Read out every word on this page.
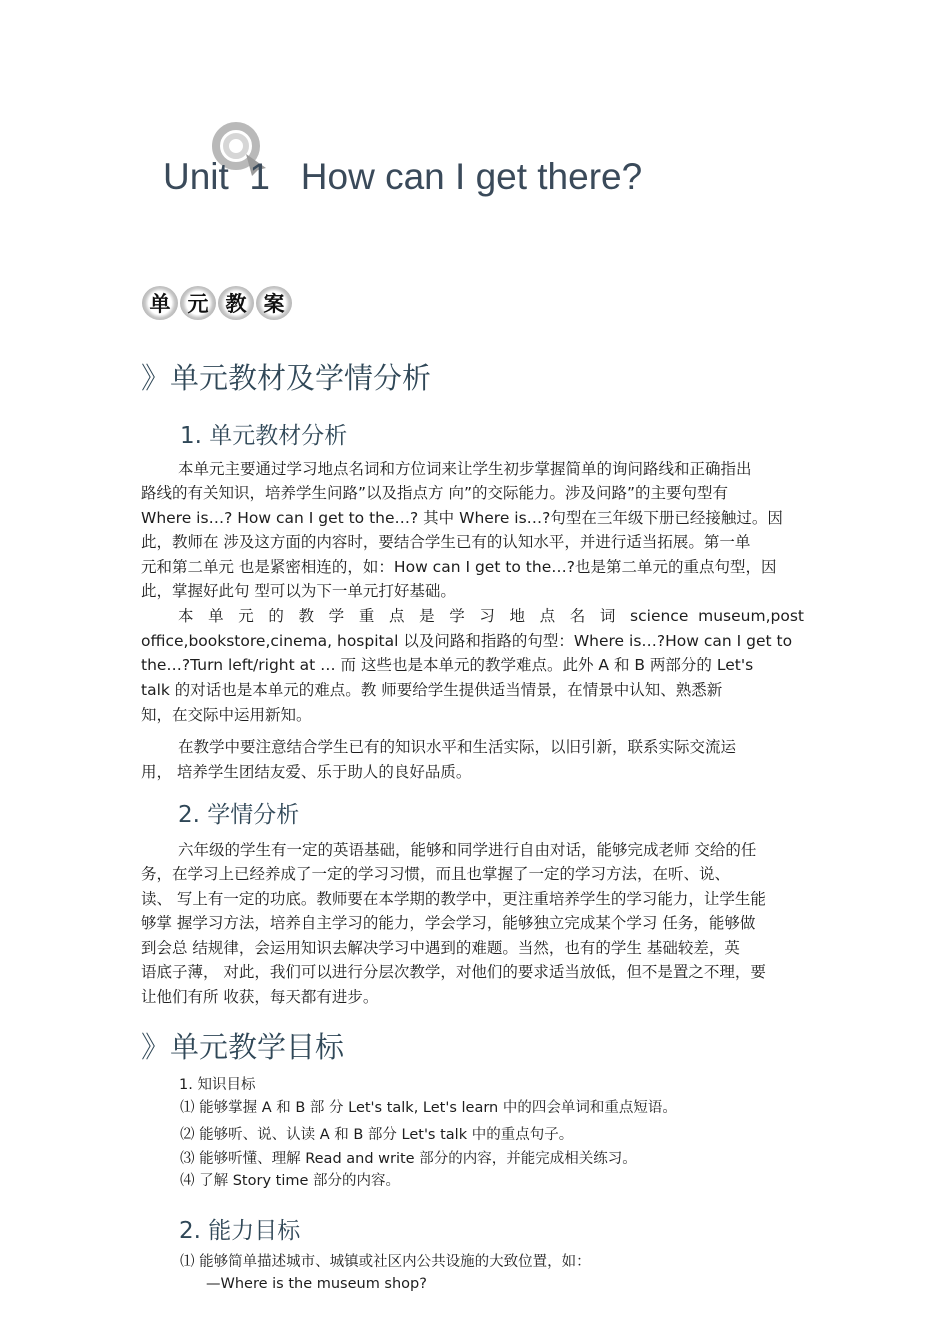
Unit  1   How can I get there?
单 元 教 案
》单元教材及学情分析
1. 单元教材分析
本单元主要通过学习地点名词和方位词来让学生初步掌握简单的询问路线和正确指出
路线的有关知识，培养学生问路”以及指点方 向”的交际能力。涉及问路”的主要句型有
Where is…? How can I get to the…? 其中 Where is…?句型在三年级下册已经接触过。因
此，教师在 涉及这方面的内容时，要结合学生已有的认知水平，并进行适当拓展。第一单
元和第二单元 也是紧密相连的，如：How can I get to the…?也是第二单元的重点句型，因
此，掌握好此句 型可以为下一单元打好基础。
本 单 元 的 教 学 重 点 是 学 习 地 点 名 词 science museum,post
office,bookstore,cinema, hospital 以及问路和指路的句型：Where is…?How can I get to
the…?Turn left/right at … 而 这些也是本单元的教学难点。此外 A 和 B 两部分的 Let's
talk 的对话也是本单元的难点。教 师要给学生提供适当情景，在情景中认知、熟悉新
知，在交际中运用新知。
在教学中要注意结合学生已有的知识水平和生活实际，以旧引新，联系实际交流运
用， 培养学生团结友爱、乐于助人的良好品质。
2. 学情分析
六年级的学生有一定的英语基础，能够和同学进行自由对话，能够完成老师 交给的任
务，在学习上已经养成了一定的学习习惯，而且也掌握了一定的学习方法，在听、说、
读、 写上有一定的功底。教师要在本学期的教学中，更注重培养学生的学习能力，让学生能
够掌 握学习方法，培养自主学习的能力，学会学习，能够独立完成某个学习 任务，能够做
到会总 结规律，会运用知识去解决学习中遇到的难题。当然，也有的学生 基础较差，英
语底子薄， 对此，我们可以进行分层次教学，对他们的要求适当放低，但不是置之不理，要
让他们有所 收获，每天都有进步。
》单元教学目标
1. 知识目标
⑴ 能够掌握 A 和 B 部 分 Let's talk, Let's learn 中的四会单词和重点短语。
⑵ 能够听、说、认读 A 和 B 部分 Let's talk 中的重点句子。
⑶ 能够听懂、理解 Read and write 部分的内容，并能完成相关练习。
⑷ 了解 Story time 部分的内容。
2. 能力目标
⑴ 能够简单描述城市、城镇或社区内公共设施的大致位置，如：
—Where is the museum shop?
